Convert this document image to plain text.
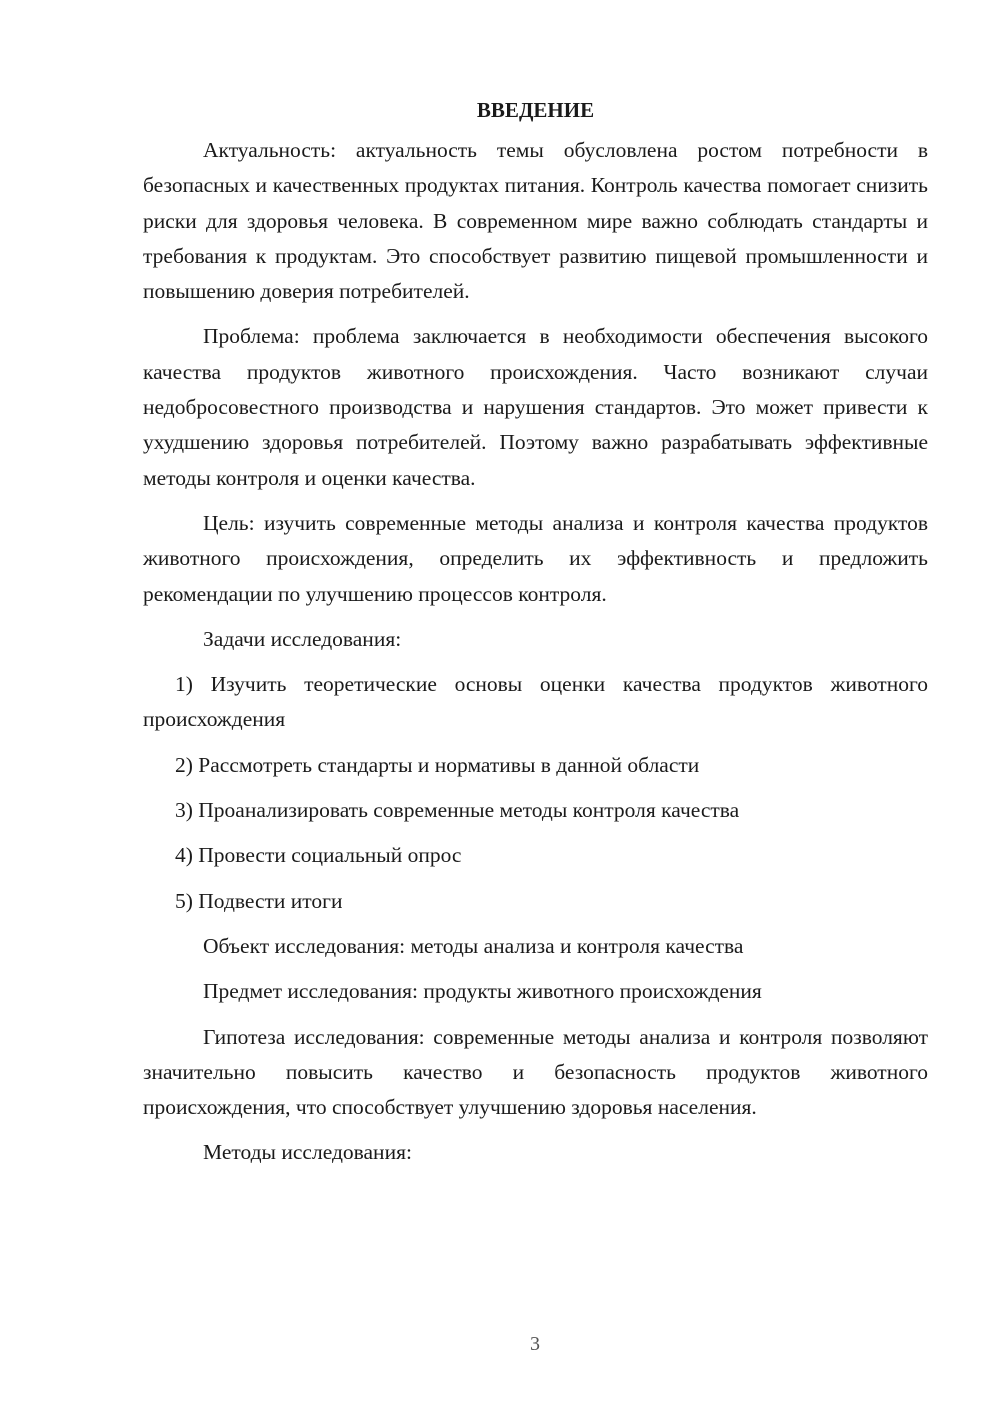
ВВЕДЕНИЕ

Актуальность: актуальность темы обусловлена ростом потребности в безопасных и качественных продуктах питания. Контроль качества помогает снизить риски для здоровья человека. В современном мире важно соблюдать стандарты и требования к продуктам. Это способствует развитию пищевой промышленности и повышению доверия потребителей.

Проблема: проблема заключается в необходимости обеспечения высокого качества продуктов животного происхождения. Часто возникают случаи недобросовестного производства и нарушения стандартов. Это может привести к ухудшению здоровья потребителей. Поэтому важно разрабатывать эффективные методы контроля и оценки качества.

Цель: изучить современные методы анализа и контроля качества продуктов животного происхождения, определить их эффективность и предложить рекомендации по улучшению процессов контроля.

Задачи исследования:

1) Изучить теоретические основы оценки качества продуктов животного происхождения

2) Рассмотреть стандарты и нормативы в данной области

3) Проанализировать современные методы контроля качества

4) Провести социальный опрос

5) Подвести итоги

Объект исследования: методы анализа и контроля качества

Предмет исследования: продукты животного происхождения

Гипотеза исследования: современные методы анализа и контроля позволяют значительно повысить качество и безопасность продуктов животного происхождения, что способствует улучшению здоровья населения.

Методы исследования:

3
